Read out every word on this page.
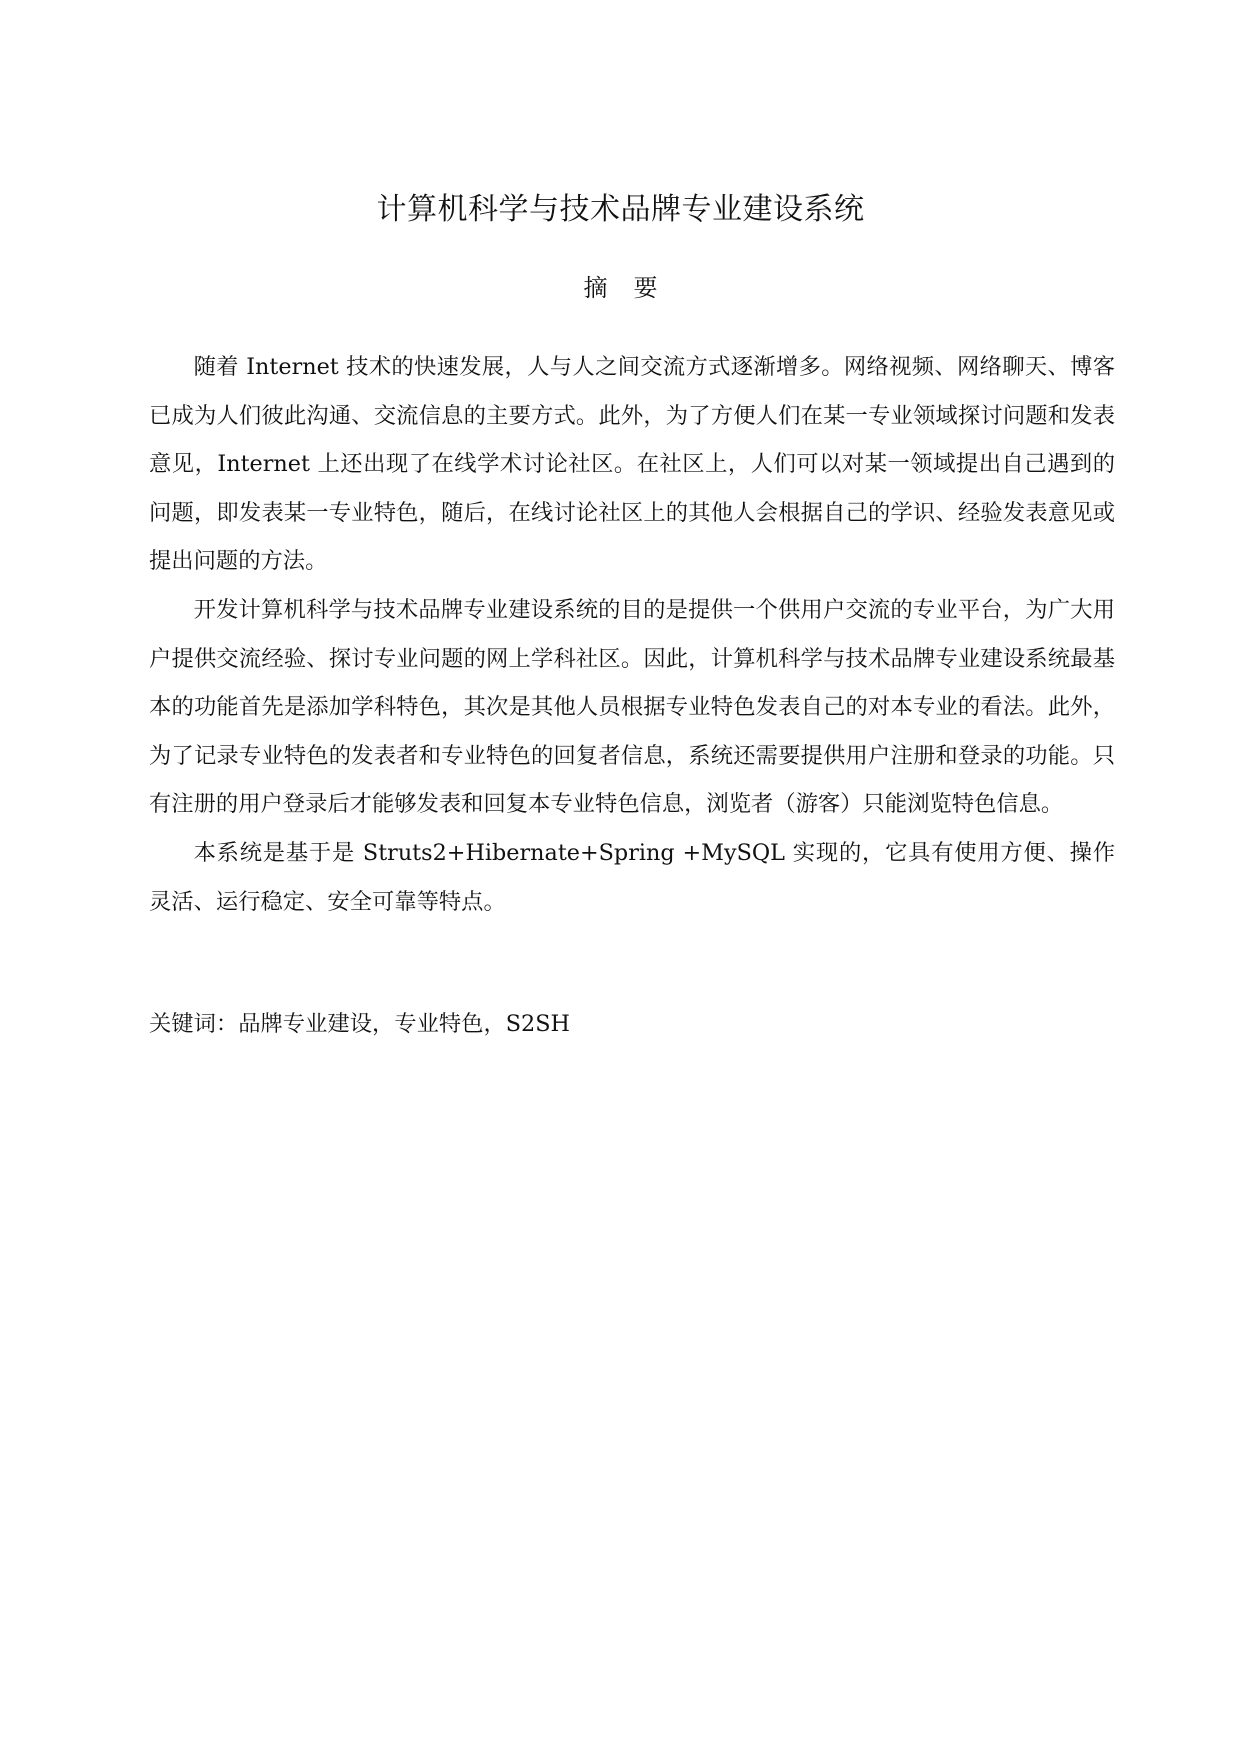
计算机科学与技术品牌专业建设系统
摘要

随着 Internet 技术的快速发展，人与人之间交流方式逐渐增多。网络视频、网络聊天、博客已成为人们彼此沟通、交流信息的主要方式。此外，为了方便人们在某一专业领域探讨问题和发表意见，Internet 上还出现了在线学术讨论社区。在社区上，人们可以对某一领域提出自己遇到的问题，即发表某一专业特色，随后，在线讨论社区上的其他人会根据自己的学识、经验发表意见或提出问题的方法。

开发计算机科学与技术品牌专业建设系统的目的是提供一个供用户交流的专业平台，为广大用户提供交流经验、探讨专业问题的网上学科社区。因此，计算机科学与技术品牌专业建设系统最基本的功能首先是添加学科特色，其次是其他人员根据专业特色发表自己的对本专业的看法。此外，为了记录专业特色的发表者和专业特色的回复者信息，系统还需要提供用户注册和登录的功能。只有注册的用户登录后才能够发表和回复本专业特色信息，浏览者（游客）只能浏览特色信息。

本系统是基于是 Struts2+Hibernate+Spring +MySQL 实现的，它具有使用方便、操作灵活、运行稳定、安全可靠等特点。

关键词：品牌专业建设，专业特色，S2SH
